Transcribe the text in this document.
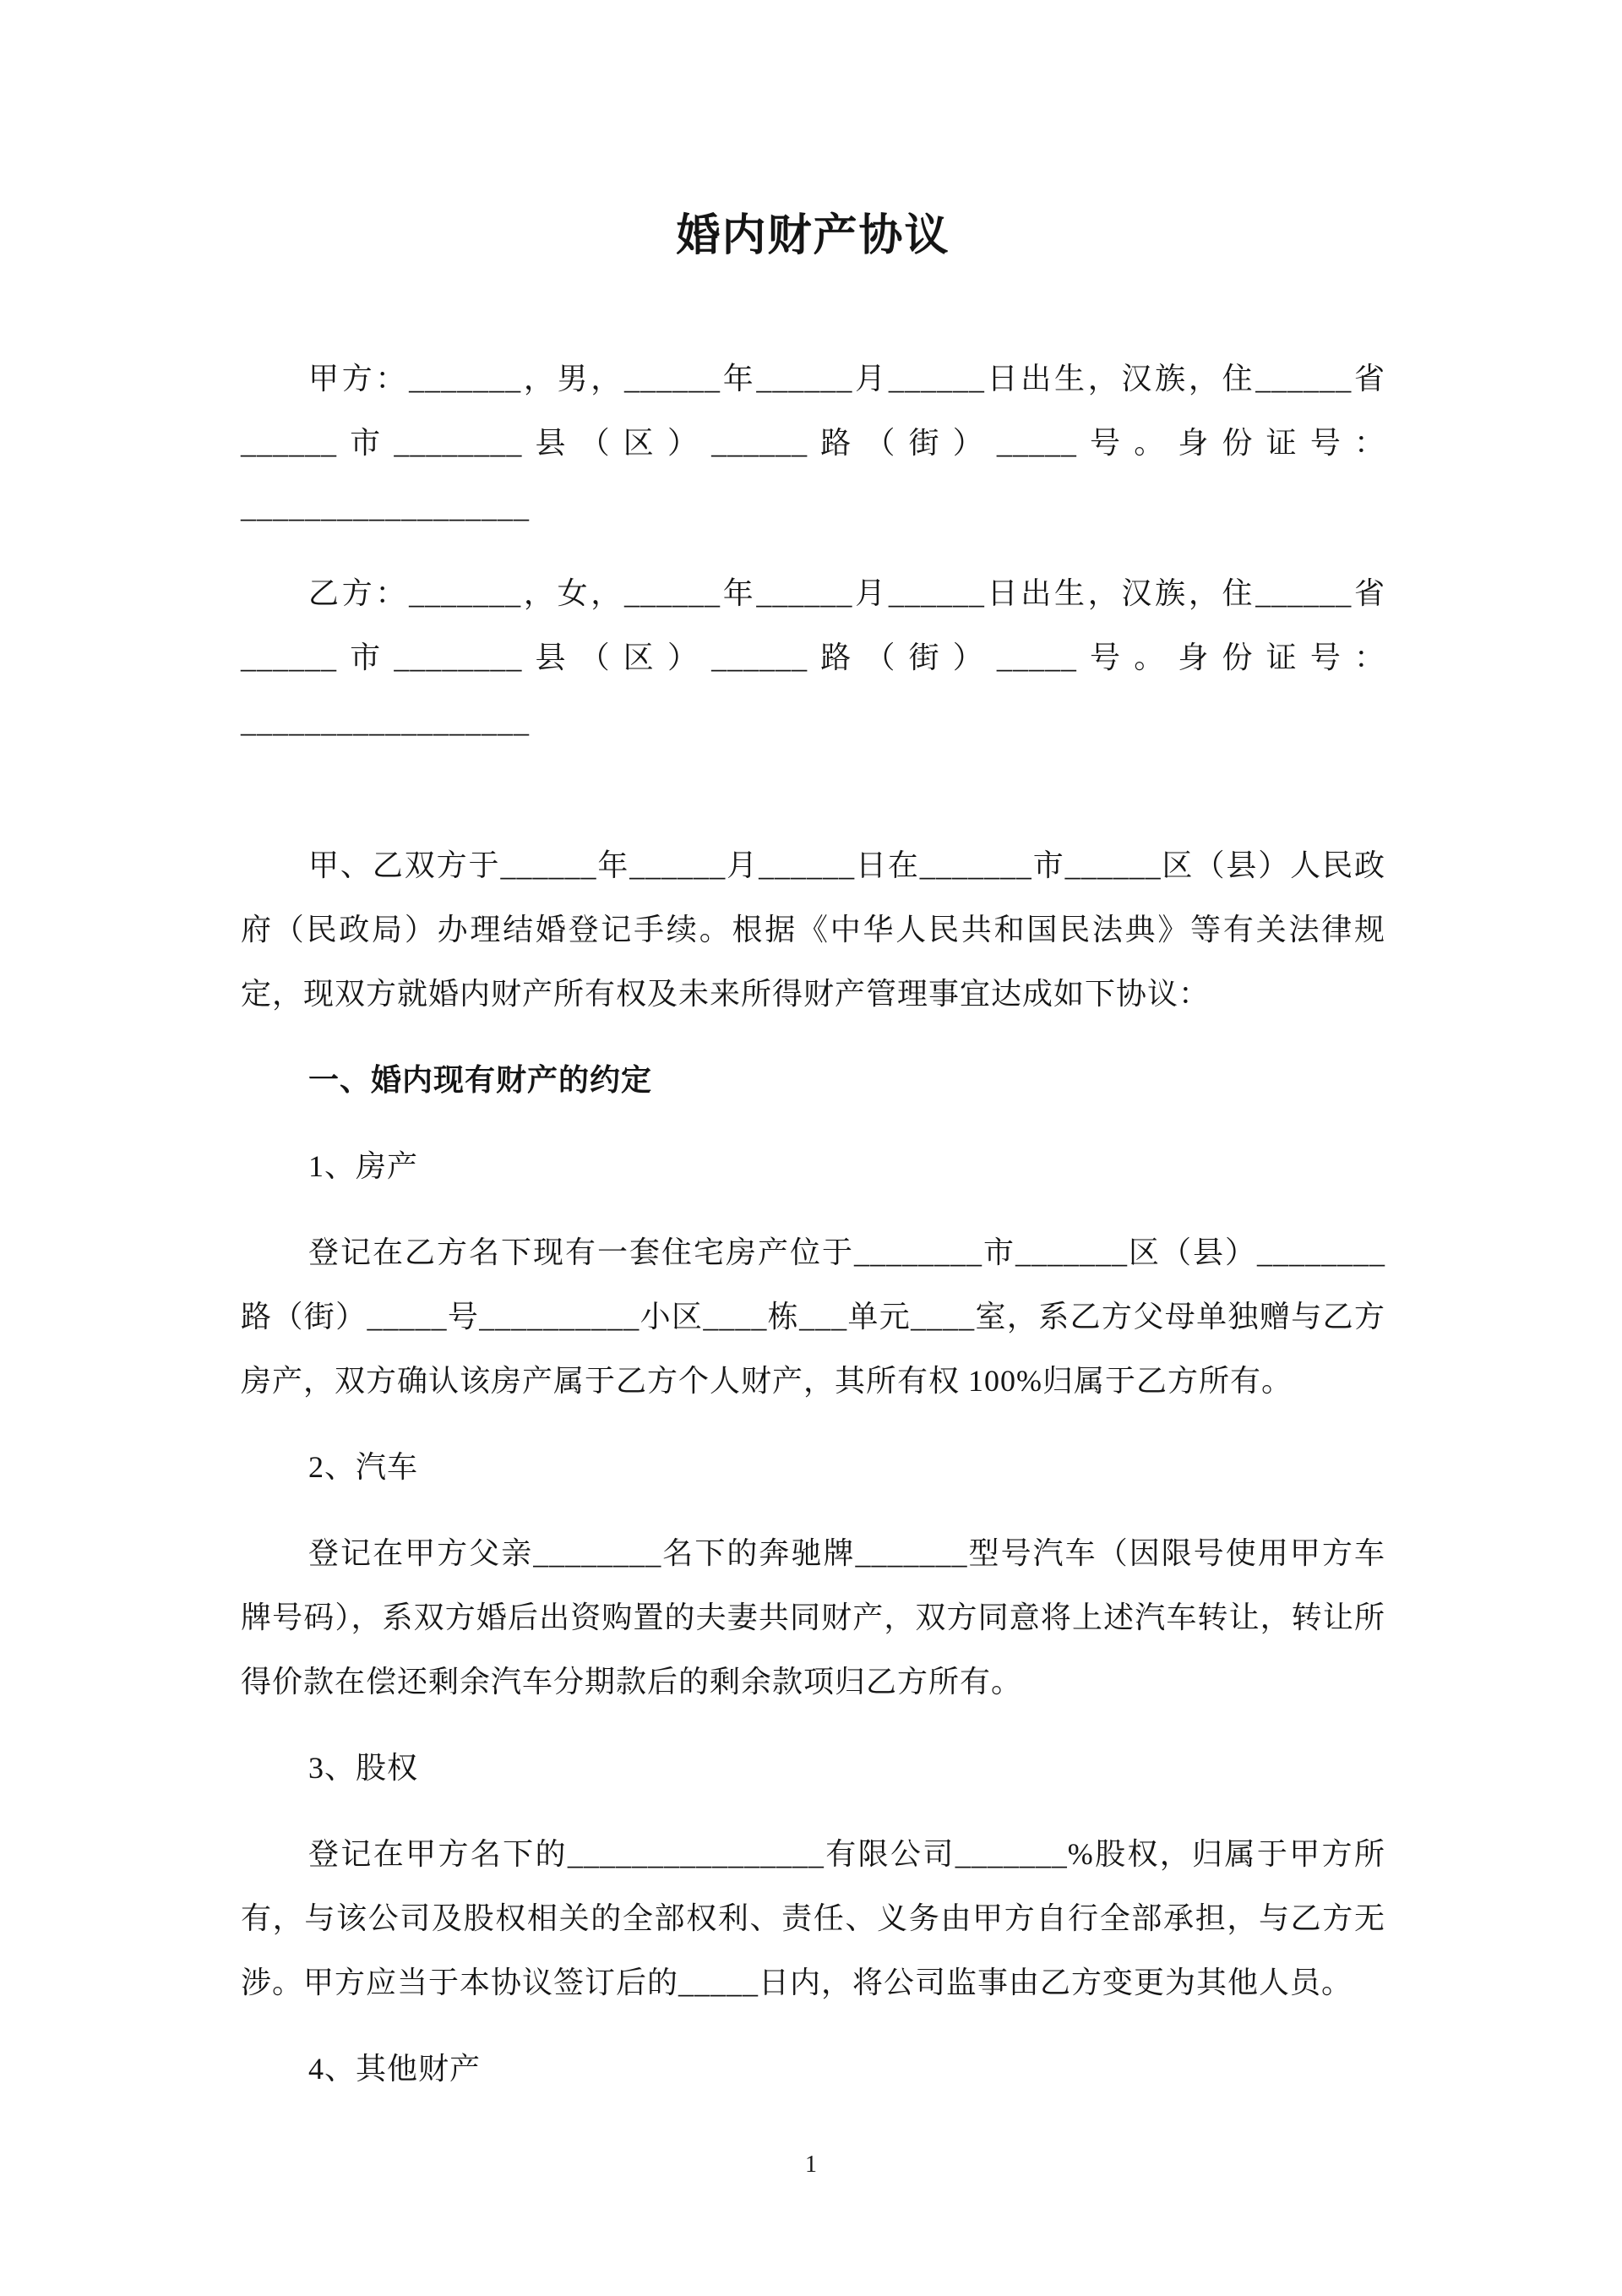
婚内财产协议

甲方：_______，男，______年______月______日出生，汉族，住______省______市________县（区）______路（街）_____号。身份证号：__________________

乙方：_______，女，______年______月______日出生，汉族，住______省______市________县（区）______路（街）_____号。身份证号：__________________

甲、乙双方于______年______月______日在_______市______区（县）人民政府（民政局）办理结婚登记手续。根据《中华人民共和国民法典》等有关法律规定，现双方就婚内财产所有权及未来所得财产管理事宜达成如下协议：

一、婚内现有财产的约定

1、房产

登记在乙方名下现有一套住宅房产位于________市_______区（县）________路（街）_____号__________小区____栋___单元____室，系乙方父母单独赠与乙方房产，双方确认该房产属于乙方个人财产，其所有权 100%归属于乙方所有。

2、汽车

登记在甲方父亲________名下的奔驰牌_______型号汽车（因限号使用甲方车牌号码），系双方婚后出资购置的夫妻共同财产，双方同意将上述汽车转让，转让所得价款在偿还剩余汽车分期款后的剩余款项归乙方所有。

3、股权

登记在甲方名下的________________有限公司_______%股权，归属于甲方所有，与该公司及股权相关的全部权利、责任、义务由甲方自行全部承担，与乙方无涉。甲方应当于本协议签订后的_____日内，将公司监事由乙方变更为其他人员。

4、其他财产

1
